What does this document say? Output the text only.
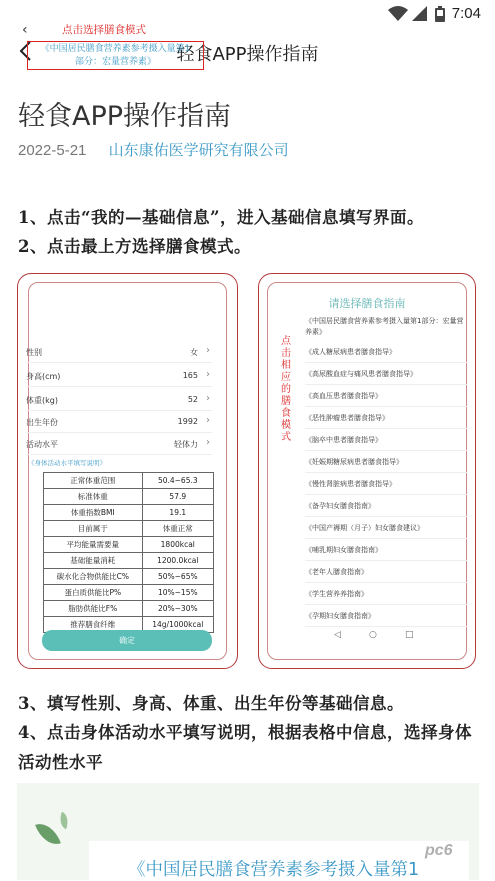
7:04
轻食APP操作指南
轻食APP操作指南
2022-5-21 山东康佑医学研究有限公司
1、点击“我的—基础信息”，进入基础信息填写界面。
2、点击最上方选择膳食模式。
‹	点击选择膳食模式
《中国居民膳食营养素参考摄入量第1
部分：宏量营养素》
性别	女 ›
身高(cm)	165 ›
体重(kg)	52 ›
出生年份	1992 ›
活动水平	轻体力 ›
《身体活动水平填写说明》
正常体重范围	50.4~65.3
标准体重	57.9
体重指数BMI	19.1
目前属于	体重正常
平均能量需要量	1800kcal
基础能量消耗	1200.0kcal
碳水化合物供能比C%	50%~65%
蛋白质供能比P%	10%~15%
脂肪供能比F%	20%~30%
推荐膳食纤维	14g/1000kcal
确定
请选择膳食指南
点击相应的膳食模式
《中国居民膳食营养素参考摄入量第1部分：宏量营养素》
《成人糖尿病患者膳食指导》
《高尿酸血症与痛风患者膳食指导》
《高血压患者膳食指导》
《恶性肿瘤患者膳食指导》
《脑卒中患者膳食指导》
《妊娠期糖尿病患者膳食指导》
《慢性肾脏病患者膳食指导》
《备孕妇女膳食指南》
《中国产褥期（月子）妇女膳食建议》
《哺乳期妇女膳食指南》
《老年人膳食指南》
《学生营养养指南》
《孕期妇女膳食指南》
◁	○	□
3、填写性别、身高、体重、出生年份等基础信息。
4、点击身体活动水平填写说明，根据表格中信息，选择身体活动性水平
《中国居民膳食营养素参考摄入量第1
pc6
